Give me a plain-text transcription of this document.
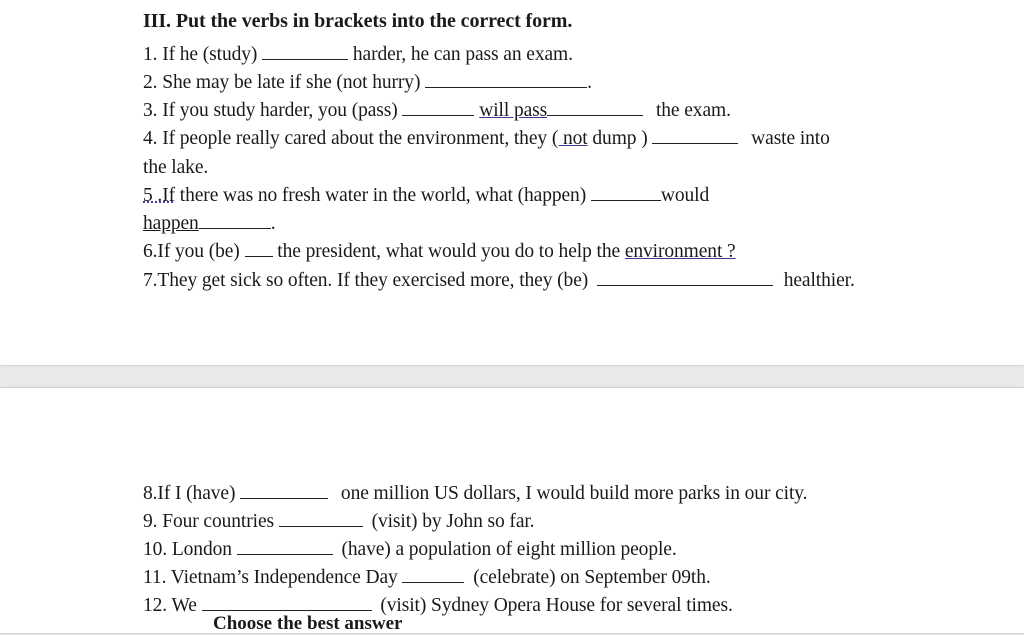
III. Put the verbs in brackets into the correct form.
1. If he (study)	harder, he can pass an exam.
2. She may be late if she (not hurry)	.
3. If you study harder, you (pass)	will pass	the exam.
4. If people really cared about the environment, they ( not dump )	waste into
the lake.
5 .If there was no fresh water in the world, what (happen)	would
happen	.
6.If you (be) the president, what would you do to help the environment ?
7.They get sick so often. If they exercised more, they (be)	healthier.
8.If I (have)	one million US dollars, I would build more parks in our city.
9. Four countries	(visit) by John so far.
10. London	(have) a population of eight million people.
11. Vietnam’s Independence Day	(celebrate) on September 09th.
12. We	(visit) Sydney Opera House for several times.
Choose the best answer
